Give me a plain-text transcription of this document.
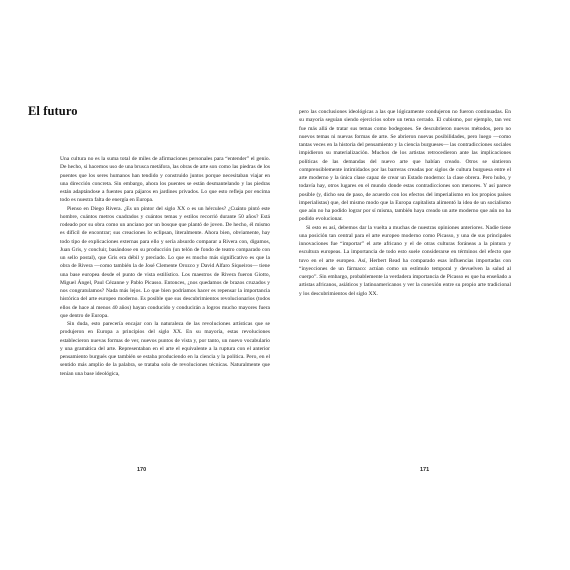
El futuro

Una cultura no es la suma total de miles de afirmaciones personales para “entender” el genio. De hecho, si hacemos uso de una brusca metáfora, las obras de arte son como las piedras de los puentes que los seres humanos han tendido y construido juntos porque necesitaban viajar en una dirección concreta. Sin embargo, ahora los puentes se están desmantelando y las piedras están adaptándose a fuentes para pájaros en jardines privados. Lo que esto refleja por encima todo es nuestra falta de energía en Europa.

Pienso en Diego Rivera. ¿Es un pintor del siglo XX o es un hércules? ¿Cuánto pintó este hombre, cuántos metros cuadrados y cuántos temas y estilos recorrió durante 50 años? Está rodeado por su obra como un anciano por un bosque que plantó de joven. De hecho, él mismo es difícil de encontrar; sus creaciones lo eclipsan, literalmente. Ahora bien, obviamente, hay todo tipo de explicaciones externas para ello y sería absurdo comparar a Rivera con, digamos, Juan Gris, y concluir, basándose en su producción (un telón de fondo de teatro comparado con un sello postal), que Gris era débil y preciado. Lo que es mucho más significativo es que la obra de Rivera —como también la de José Clemente Orozco y David Alfaro Siqueiros— tiene una base europea desde el punto de vista estilístico. Los maestros de Rivera fueron Giotto, Miguel Ángel, Paul Cézanne y Pablo Picasso. Entonces, ¿nos quedamos de brazos cruzados y nos congratulamos? Nada más lejos. Lo que bien podríamos hacer es repensar la importancia histórica del arte europeo moderno. Es posible que sus descubrimientos revolucionarios (todos ellos de hace al menos 40 años) hayan conducido y conducirán a logros mucho mayores fuera que dentro de Europa.

Sin duda, esto parecería encajar con la naturaleza de las revoluciones artísticas que se produjeron en Europa a principios del siglo XX. En su mayoría, estas revoluciones establecieron nuevas formas de ver, nuevos puntos de vista y, por tanto, un nuevo vocabulario y una gramática del arte. Representaban en el arte el equivalente a la ruptura con el anterior pensamiento burgués que también se estaba produciendo en la ciencia y la política. Pero, en el sentido más amplio de la palabra, se trataba solo de revoluciones técnicas. Naturalmente que tenían una base ideológica,

170

pero las conclusiones ideológicas a las que lógicamente condujeron no fueron continuadas. En su mayoría seguían siendo ejercicios sobre un tema cerrado. El cubismo, por ejemplo, tan vez fue más allá de tratar sus temas como bodegones. Se descubrieron nuevos métodos, pero no nuevos temas ni nuevas formas de arte. Se abrieron nuevas posibilidades, pero luego —como tantas veces en la historia del pensamiento y la ciencia burgueses— las contradicciones sociales impidieron su materialización. Muchos de los artistas retrocedieron ante las implicaciones políticas de las demandas del nuevo arte que habían creado. Otros se sintieron comprensiblemente intimidados por las barreras creadas por siglos de cultura burguesa entre el arte moderno y la única clase capaz de crear un Estado moderno: la clase obrera. Pero hubo, y todavía hay, otros lugares en el mundo donde estas contradicciones son menores. Y así parece posible (y, dicho sea de paso, de acuerdo con los efectos del imperialismo en los propios países imperialistas) que, del mismo modo que la Europa capitalista alimentó la idea de un socialismo que aún no ha podido lograr por sí misma, también haya creado un arte moderno que aún no ha podido evolucionar.

Si esto es así, debemos dar la vuelta a muchas de nuestras opiniones anteriores. Nadie tiene una posición tan central para el arte europeo moderno como Picasso, y una de sus principales innovaciones fue “importar” el arte africano y el de otras culturas foráneas a la pintura y escultura europeas. La importancia de todo esto suele considerarse en términos del efecto que tuvo en el arte europeo. Así, Herbert Read ha comparado esas influencias importadas con “inyecciones de un fármaco: actúan como un estímulo temporal y devuelven la salud al cuerpo”. Sin embargo, probablemente la verdadera importancia de Picasso es que ha enseñado a artistas africanos, asiáticos y latinoamericanos y ver la conexión entre su propio arte tradicional y los descubrimientos del siglo XX.

171
